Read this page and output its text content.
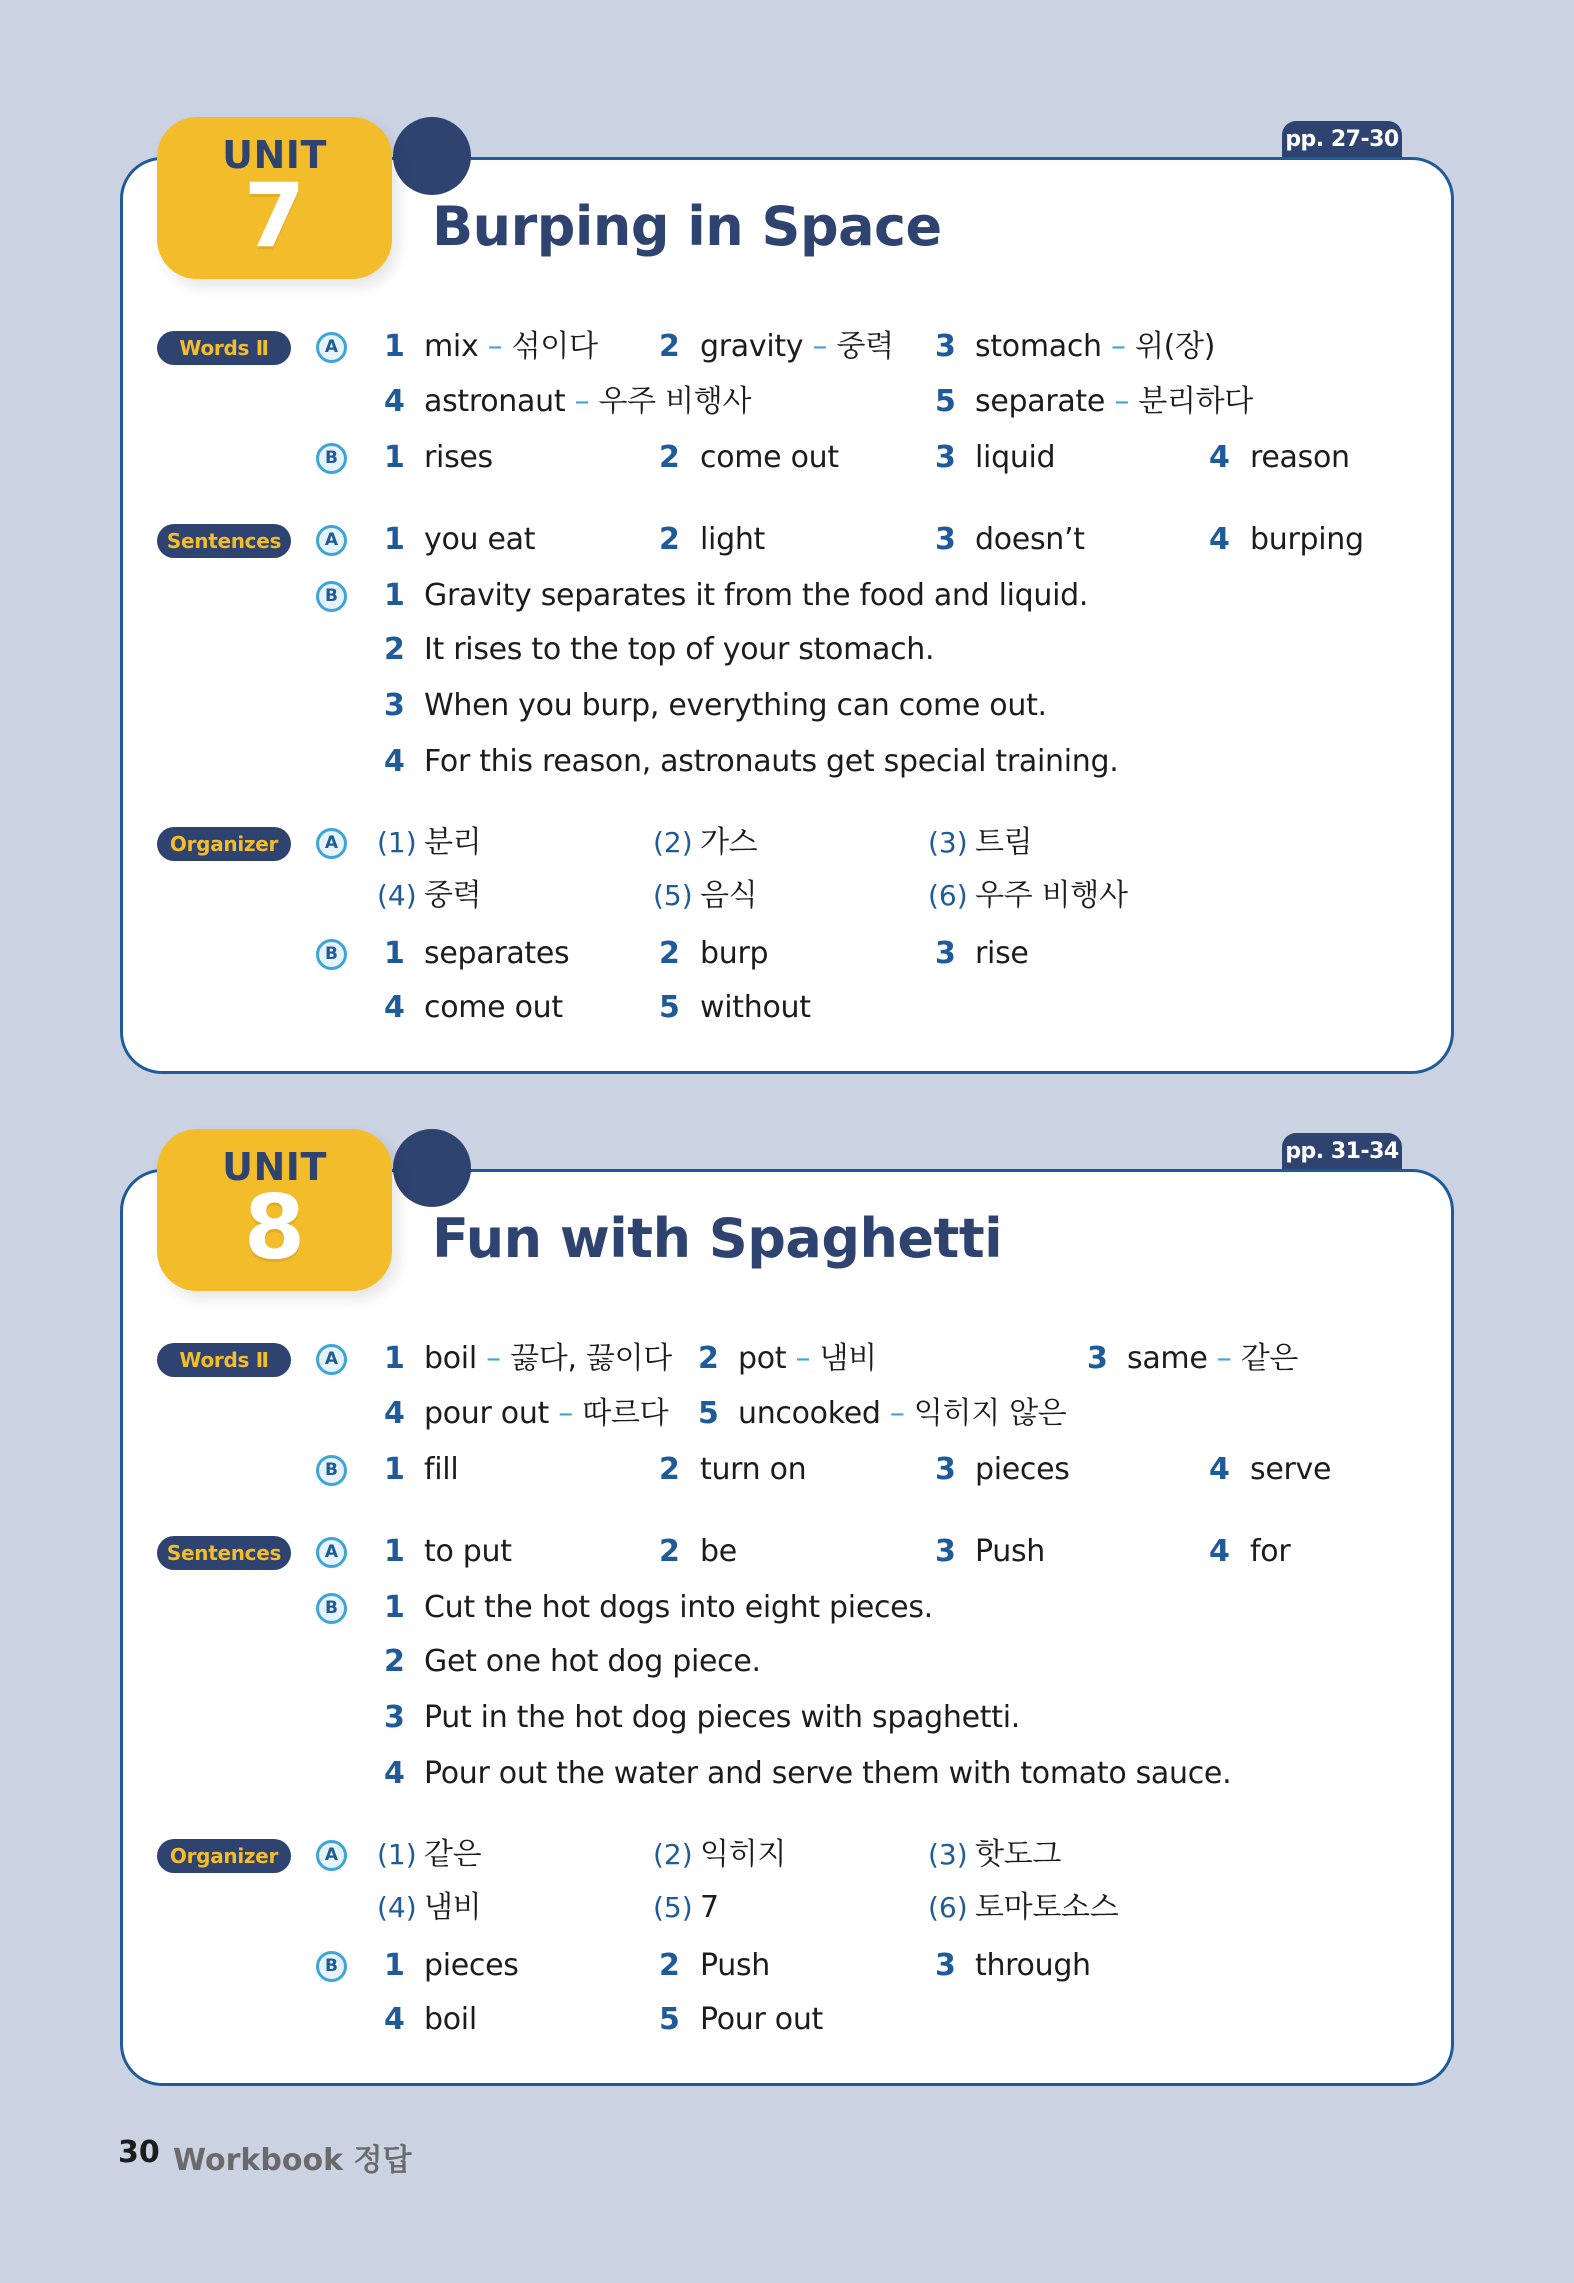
pp. 27-30
UNIT
7	Burping in Space
Words Ⅱ	A 1 mix – 섞이다 2 gravity – 중력 3 stomach – 위(장)
4 astronaut – 우주 비행사	5 separate – 분리하다
B	1 rises	2 come out	3 liquid	4 reason
Sentences	A 1 you eat	2 light	3 doesn’t	4 burping
B	1 Gravity separates it from the food and liquid.
2 It rises to the top of your stomach.
3 When you burp, everything can come out.
4 For this reason, astronauts get special training.
Organizer	A	(1) 분리	(2) 가스	(3) 트림
(4) 중력	(5) 음식	(6) 우주 비행사
B	1 separates	2 burp	3 rise
4 come out	5 without
pp. 31-34
UNIT
8	Fun with Spaghetti
Words Ⅱ	A 1 boil – 끓다, 끓이다 2 pot – 냄비	3 same – 같은
4 pour out – 따르다 5 uncooked – 익히지 않은
B	1 fill	2 turn on	3 pieces	4 serve
Sentences	A 1 to put	2 be	3 Push	4 for
B	1 Cut the hot dogs into eight pieces.
2 Get one hot dog piece.
3 Put in the hot dog pieces with spaghetti.
4 Pour out the water and serve them with tomato sauce.
Organizer	A	(1) 같은	(2) 익히지	(3) 핫도그
(4) 냄비	(5) 7	(6) 토마토소스
B	1 pieces	2 Push	3 through
4 boil	5 Pour out
30 Workbook 정답
